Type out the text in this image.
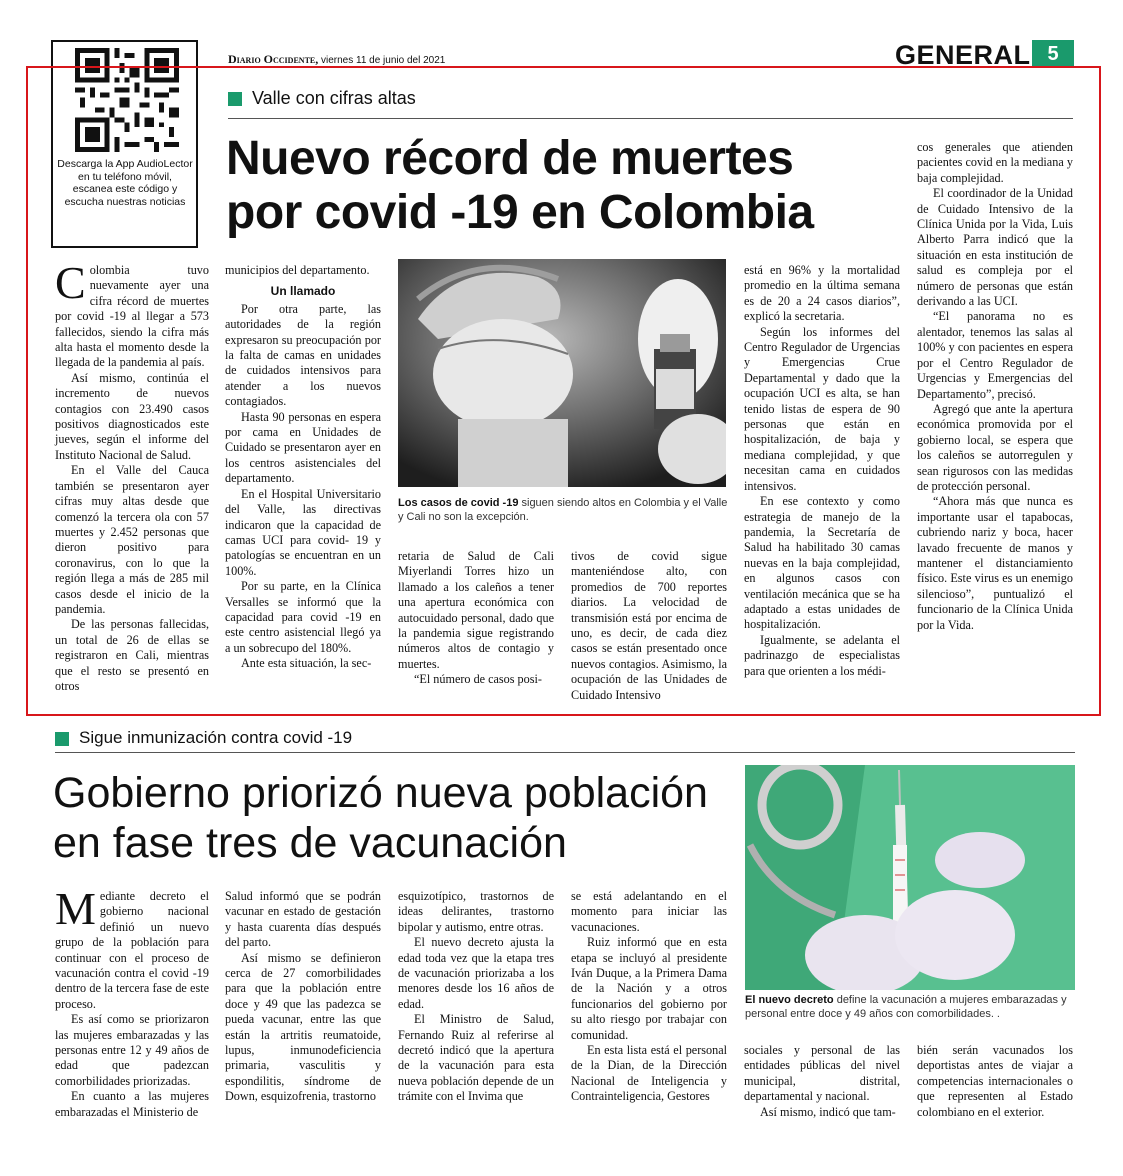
Diario Occidente, viernes 11 de junio del 2021	GENERAL 5
Descarga la App AudioLector en tu teléfono móvil, escanea este código y escucha nuestras noticias
Valle con cifras altas
Nuevo récord de muertes
por covid -19 en Colombia
Los casos de covid -19 siguen siendo altos en Colombia y el Valle y Cali no son la excepción.

Colombia tuvo nuevamente ayer una cifra récord de muertes por covid -19 al llegar a 573 fallecidos, siendo la cifra más alta hasta el momento desde la llegada de la pandemia al país.

Así mismo, continúa el incremento de nuevos contagios con 23.490 casos positivos diagnosticados este jueves, según el informe del Instituto Nacional de Salud.

En el Valle del Cauca también se presentaron ayer cifras muy altas desde que comenzó la tercera ola con 57 muertes y 2.452 personas que dieron positivo para coronavirus, con lo que la región llega a más de 285 mil casos desde el inicio de la pandemia.

De las personas fallecidas, un total de 26 de ellas se registraron en Cali, mientras que el resto se presentó en otros

municipios del departamento.

Un llamado

Por otra parte, las autoridades de la región expresaron su preocupación por la falta de camas en unidades de cuidados intensivos para atender a los nuevos contagiados.

Hasta 90 personas en espera por cama en Unidades de Cuidado se presentaron ayer en los centros asistenciales del departamento.

En el Hospital Universitario del Valle, las directivas indicaron que la capacidad de camas UCI para covid- 19 y patologías se encuentran en un 100%.

Por su parte, en la Clínica Versalles se informó que la capacidad para covid -19 en este centro asistencial llegó ya a un sobrecupo del 180%.

Ante esta situación, la sec-

retaria de Salud de Cali Miyerlandi Torres hizo un llamado a los caleños a tener una apertura económica con autocuidado personal, dado que la pandemia sigue registrando números altos de contagio y muertes.

“El número de casos posi-

tivos de covid sigue manteniéndose alto, con promedios de 700 reportes diarios. La velocidad de transmisión está por encima de uno, es decir, de cada diez casos se están presentado once nuevos contagios. Asimismo, la ocupación de las Unidades de Cuidado Intensivo

está en 96% y la mortalidad promedio en la última semana es de 20 a 24 casos diarios”, explicó la secretaria.

Según los informes del Centro Regulador de Urgencias y Emergencias Crue Departamental y dado que la ocupación UCI es alta, se han tenido listas de espera de 90 personas que están en hospitalización, de baja y mediana complejidad, y que necesitan cama en cuidados intensivos.

En ese contexto y como estrategia de manejo de la pandemia, la Secretaría de Salud ha habilitado 30 camas nuevas en la baja complejidad, en algunos casos con ventilación mecánica que se ha adaptado a estas unidades de hospitalización.

Igualmente, se adelanta el padrinazgo de especialistas para que orienten a los médi-

cos generales que atienden pacientes covid en la mediana y baja complejidad.

El coordinador de la Unidad de Cuidado Intensivo de la Clínica Unida por la Vida, Luis Alberto Parra indicó que la situación en esta institución de salud es compleja por el número de personas que están derivando a las UCI.

“El panorama no es alentador, tenemos las salas al 100% y con pacientes en espera por el Centro Regulador de Urgencias y Emergencias del Departamento”, precisó.

Agregó que ante la apertura económica promovida por el gobierno local, se espera que los caleños se autorregulen y sean rigurosos con las medidas de protección personal.

“Ahora más que nunca es importante usar el tapabocas, cubriendo nariz y boca, hacer lavado frecuente de manos y mantener el distanciamiento físico. Este virus es un enemigo silencioso”, puntualizó el funcionario de la Clínica Unida por la Vida.

Sigue inmunización contra covid -19
Gobierno priorizó nueva población
en fase tres de vacunación
El nuevo decreto define la vacunación a mujeres embarazadas y personal entre doce y 49 años con comorbilidades. .

Mediante decreto el gobierno nacional definió un nuevo grupo de la población para continuar con el proceso de vacunación contra el covid -19 dentro de la tercera fase de este proceso.

Es así como se priorizaron las mujeres embarazadas y las personas entre 12 y 49 años de edad que padezcan comorbilidades priorizadas.

En cuanto a las mujeres embarazadas el Ministerio de

Salud informó que se podrán vacunar en estado de gestación y hasta cuarenta días después del parto.

Así mismo se definieron cerca de 27 comorbilidades para que la población entre doce y 49 que las padezca se pueda vacunar, entre las que están la artritis reumatoide, lupus, inmunodeficiencia primaria, vasculitis y espondilitis, síndrome de Down, esquizofrenia, trastorno

esquizotípico, trastornos de ideas delirantes, trastorno bipolar y autismo, entre otras.

El nuevo decreto ajusta la edad toda vez que la etapa tres de vacunación priorizaba a los menores desde los 16 años de edad.

El Ministro de Salud, Fernando Ruiz al referirse al decretó indicó que la apertura de la vacunación para esta nueva población depende de un trámite con el Invima que

se está adelantando en el momento para iniciar las vacunaciones.

Ruiz informó que en esta etapa se incluyó al presidente Iván Duque, a la Primera Dama de la Nación y a otros funcionarios del gobierno por su alto riesgo por trabajar con comunidad.

En esta lista está el personal de la Dian, de la Dirección Nacional de Inteligencia y Contrainteligencia, Gestores

sociales y personal de las entidades públicas del nivel municipal, distrital, departamental y nacional.

Así mismo, indicó que tam-

bién serán vacunados los deportistas antes de viajar a competencias internacionales o que representen al Estado colombiano en el exterior.
